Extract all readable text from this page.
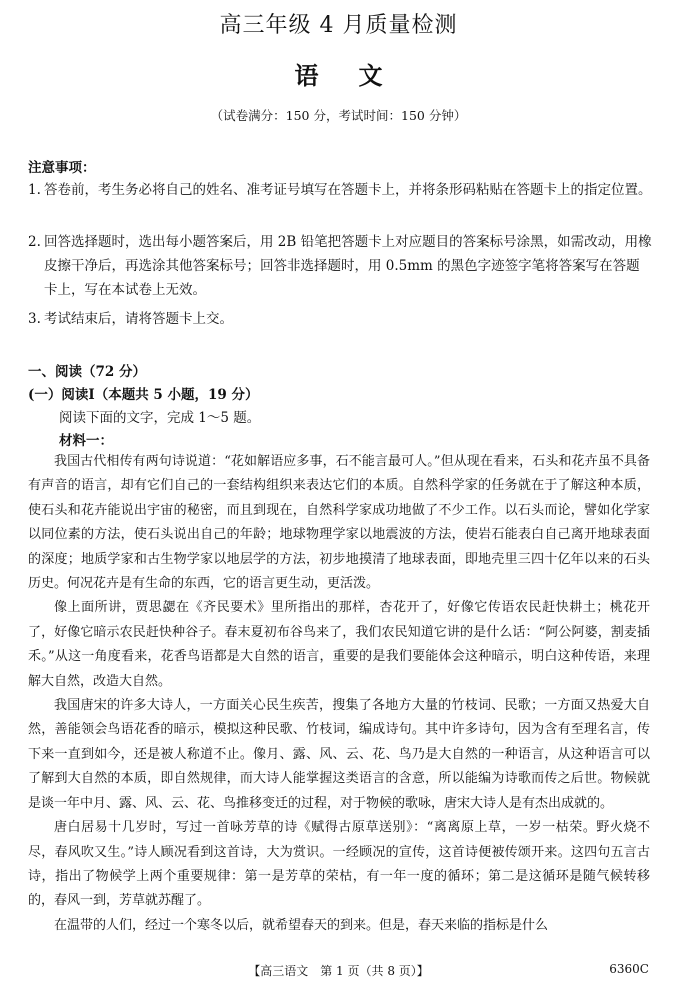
高三年级 4 月质量检测
语文
（试卷满分：150 分，考试时间：150 分钟）
注意事项：
1. 答卷前，考生务必将自己的姓名、准考证号填写在答题卡上，并将条形码粘贴在答题卡上的指定位置。
2. 回答选择题时，选出每小题答案后，用 2B 铅笔把答题卡上对应题目的答案标号涂黑，如需改动，用橡皮擦干净后，再选涂其他答案标号；回答非选择题时，用 0.5mm 的黑色字迹签字笔将答案写在答题卡上，写在本试卷上无效。
3. 考试结束后，请将答题卡上交。
一、阅读（72 分）
(一）阅读Ⅰ（本题共 5 小题，19 分）
阅读下面的文字，完成 1～5 题。
材料一：

我国古代相传有两句诗说道：“花如解语应多事，石不能言最可人。”但从现在看来，石头和花卉虽不具备有声音的语言，却有它们自己的一套结构组织来表达它们的本质。自然科学家的任务就在于了解这种本质，使石头和花卉能说出宇宙的秘密，而且到现在，自然科学家成功地做了不少工作。以石头而论，譬如化学家以同位素的方法，使石头说出自己的年龄；地球物理学家以地震波的方法，使岩石能表白自己离开地球表面的深度；地质学家和古生物学家以地层学的方法，初步地摸清了地球表面，即地壳里三四十亿年以来的石头历史。何况花卉是有生命的东西，它的语言更生动，更活泼。

像上面所讲，贾思勰在《齐民要术》里所指出的那样，杏花开了，好像它传语农民赶快耕土；桃花开了，好像它暗示农民赶快种谷子。春末夏初布谷鸟来了，我们农民知道它讲的是什么话：“阿公阿婆，割麦插禾。”从这一角度看来，花香鸟语都是大自然的语言，重要的是我们要能体会这种暗示，明白这种传语，来理解大自然，改造大自然。

我国唐宋的许多大诗人，一方面关心民生疾苦，搜集了各地方大量的竹枝词、民歌；一方面又热爱大自然，善能领会鸟语花香的暗示，模拟这种民歌、竹枝词，编成诗句。其中许多诗句，因为含有至理名言，传下来一直到如今，还是被人称道不止。像月、露、风、云、花、鸟乃是大自然的一种语言，从这种语言可以了解到大自然的本质，即自然规律，而大诗人能掌握这类语言的含意，所以能编为诗歌而传之后世。物候就是谈一年中月、露、风、云、花、鸟推移变迁的过程，对于物候的歌咏，唐宋大诗人是有杰出成就的。

唐白居易十几岁时，写过一首咏芳草的诗《赋得古原草送别》：“离离原上草，一岁一枯荣。野火烧不尽，春风吹又生。”诗人顾况看到这首诗，大为赏识。一经顾况的宣传，这首诗便被传颂开来。这四句五言古诗，指出了物候学上两个重要规律：第一是芳草的荣枯，有一年一度的循环；第二是这循环是随气候转移的，春风一到，芳草就苏醒了。

在温带的人们，经过一个寒冬以后，就希望春天的到来。但是，春天来临的指标是什么

【高三语文　第 1 页（共 8 页）】	6360C
